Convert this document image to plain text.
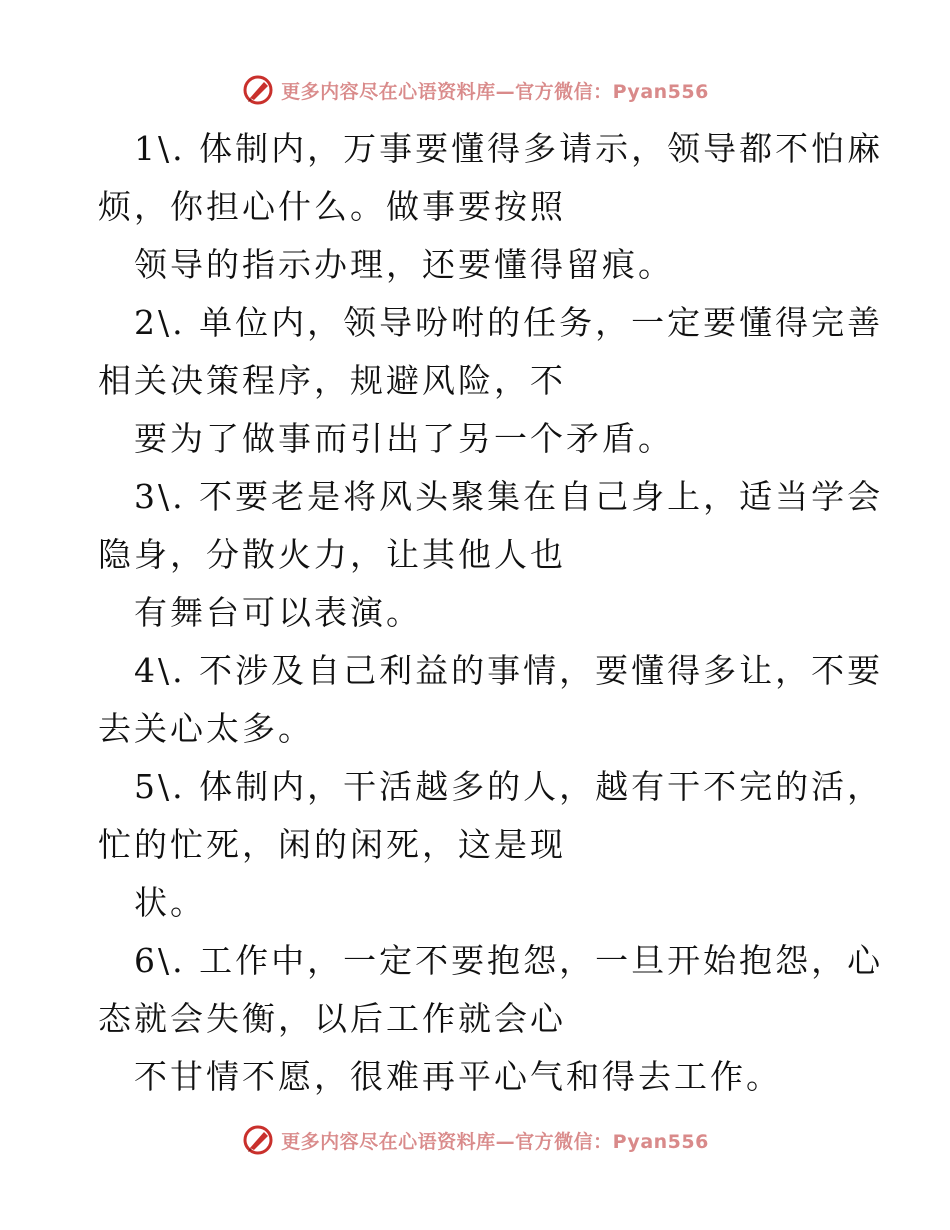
更多内容尽在心语资料库—官方微信：Pyan556
1\. 体制内，万事要懂得多请示，领导都不怕麻
烦，你担心什么。做事要按照
领导的指示办理，还要懂得留痕。
2\. 单位内，领导吩咐的任务，一定要懂得完善
相关决策程序，规避风险，不
要为了做事而引出了另一个矛盾。
3\. 不要老是将风头聚集在自己身上，适当学会
隐身，分散火力，让其他人也
有舞台可以表演。
4\. 不涉及自己利益的事情，要懂得多让，不要
去关心太多。
5\. 体制内，干活越多的人，越有干不完的活，
忙的忙死，闲的闲死，这是现
状。
6\. 工作中，一定不要抱怨，一旦开始抱怨，心
态就会失衡，以后工作就会心
不甘情不愿，很难再平心气和得去工作。
更多内容尽在心语资料库—官方微信：Pyan556
